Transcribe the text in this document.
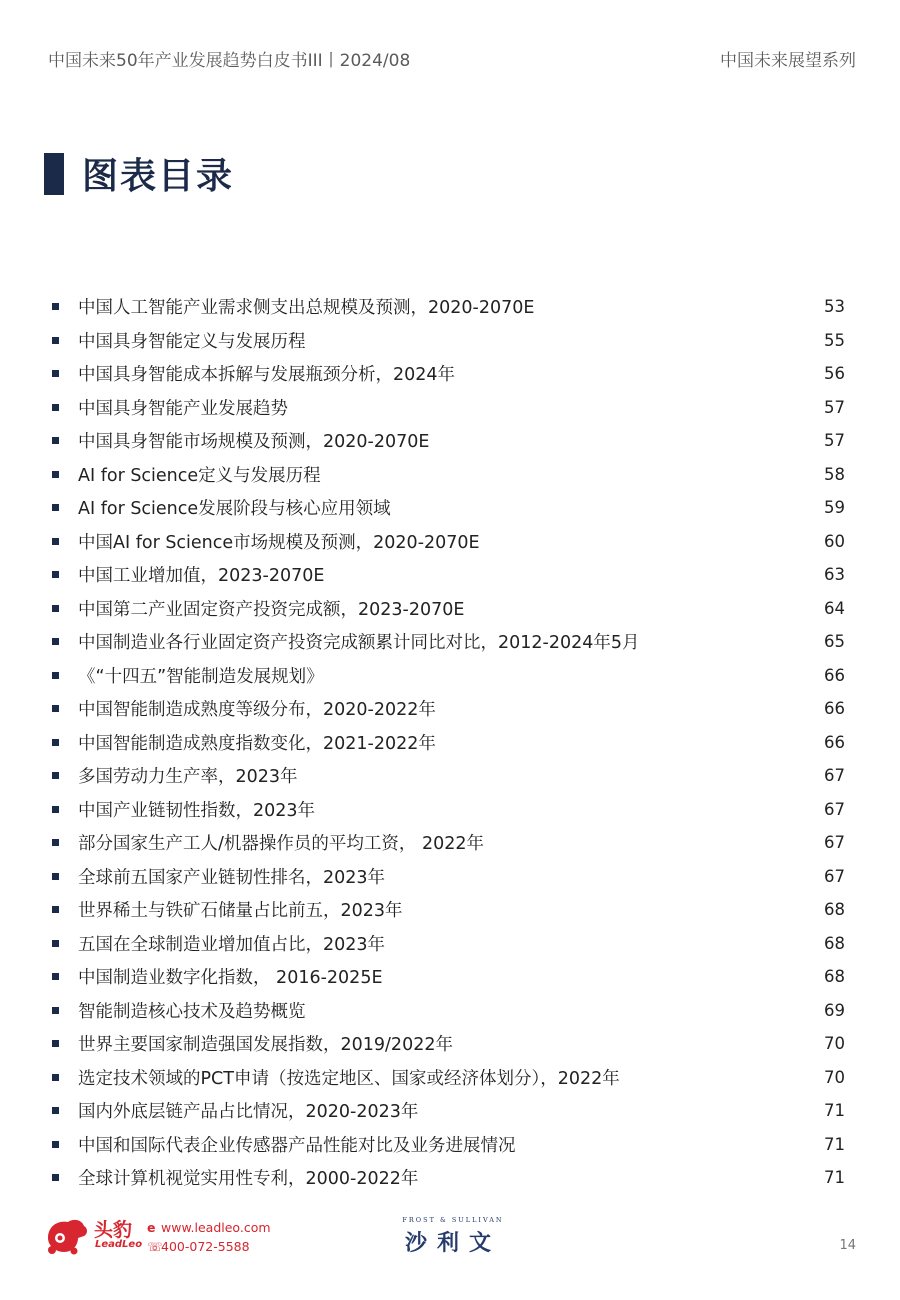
中国未来50年产业发展趋势白皮书III丨2024/08	中国未来展望系列
图表目录
中国人工智能产业需求侧支出总规模及预测，2020-2070E	53
中国具身智能定义与发展历程	55
中国具身智能成本拆解与发展瓶颈分析，2024年	56
中国具身智能产业发展趋势	57
中国具身智能市场规模及预测，2020-2070E	57
AI for Science定义与发展历程	58
AI for Science发展阶段与核心应用领域	59
中国AI for Science市场规模及预测，2020-2070E	60
中国工业增加值，2023-2070E	63
中国第二产业固定资产投资完成额，2023-2070E	64
中国制造业各行业固定资产投资完成额累计同比对比，2012-2024年5月	65
《“十四五”智能制造发展规划》	66
中国智能制造成熟度等级分布，2020-2022年	66
中国智能制造成熟度指数变化，2021-2022年	66
多国劳动力生产率，2023年	67
中国产业链韧性指数，2023年	67
部分国家生产工人/机器操作员的平均工资， 2022年	67
全球前五国家产业链韧性排名，2023年	67
世界稀土与铁矿石储量占比前五，2023年	68
五国在全球制造业增加值占比，2023年	68
中国制造业数字化指数， 2016-2025E	68
智能制造核心技术及趋势概览	69
世界主要国家制造强国发展指数，2019/2022年	70
选定技术领域的PCT申请（按选定地区、国家或经济体划分），2022年	70
国内外底层链产品占比情况，2020-2023年	71
中国和国际代表企业传感器产品性能对比及业务进展情况	71
全球计算机视觉实用性专利，2000-2022年	71
头豹
LeadLeo
e www.leadleo.com
☏400-072-5588
FROST & SULLIVAN
沙利文	14
